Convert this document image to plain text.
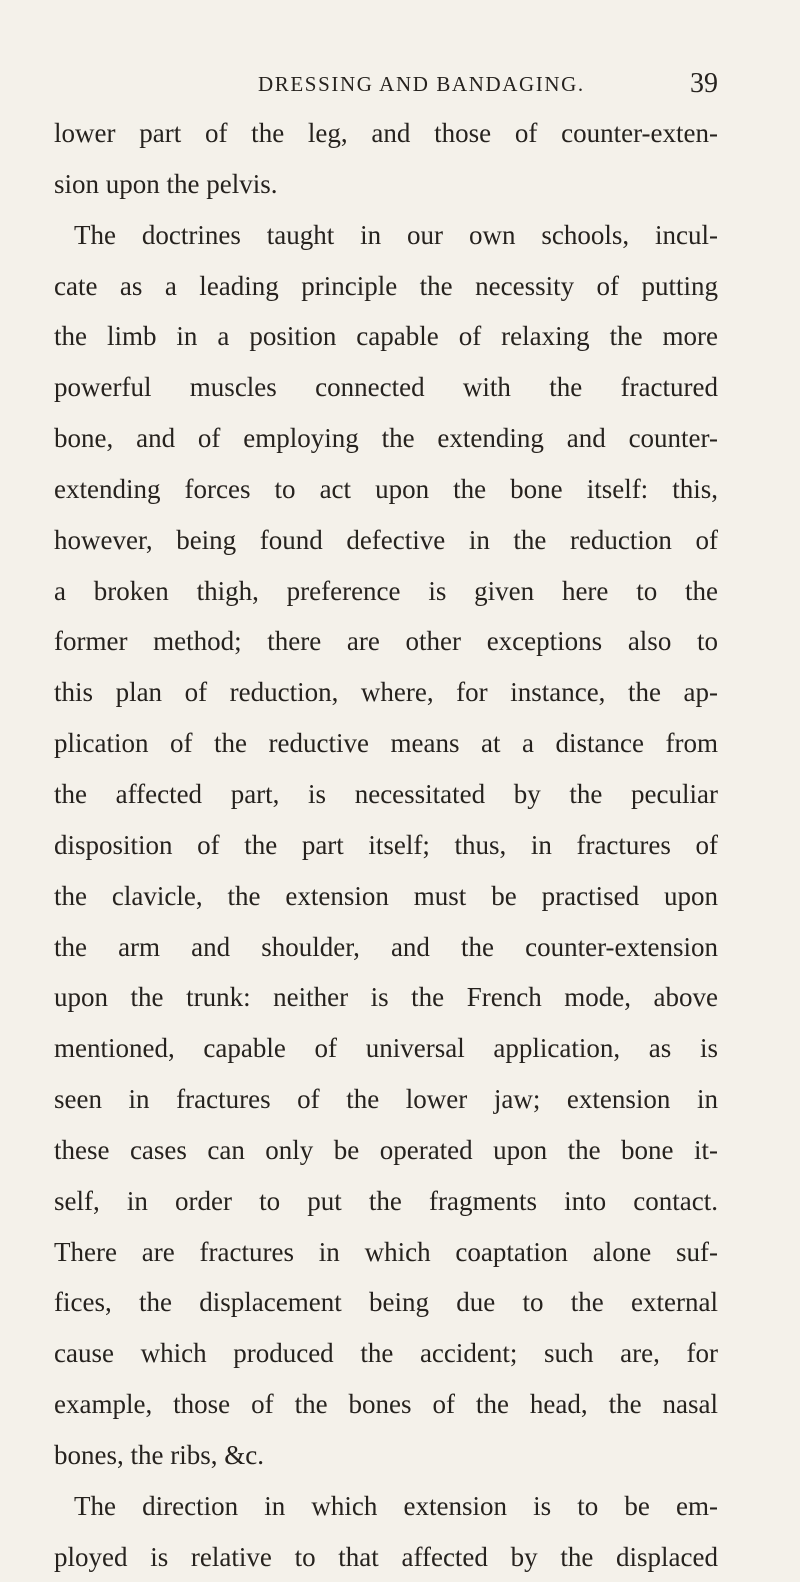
DRESSING AND BANDAGING.	39
lower part of the leg, and those of counter-exten-
sion upon the pelvis.
The doctrines taught in our own schools, incul-
cate as a leading principle the necessity of putting
the limb in a position capable of relaxing the more
powerful muscles connected with the fractured
bone, and of employing the extending and counter-
extending forces to act upon the bone itself: this,
however, being found defective in the reduction of
a broken thigh, preference is given here to the
former method; there are other exceptions also to
this plan of reduction, where, for instance, the ap-
plication of the reductive means at a distance from
the affected part, is necessitated by the peculiar
disposition of the part itself; thus, in fractures of
the clavicle, the extension must be practised upon
the arm and shoulder, and the counter-extension
upon the trunk: neither is the French mode, above
mentioned, capable of universal application, as is
seen in fractures of the lower jaw; extension in
these cases can only be operated upon the bone it-
self, in order to put the fragments into contact.
There are fractures in which coaptation alone suf-
fices, the displacement being due to the external
cause which produced the accident; such are, for
example, those of the bones of the head, the nasal
bones, the ribs, &c.
The direction in which extension is to be em-
ployed is relative to that affected by the displaced
